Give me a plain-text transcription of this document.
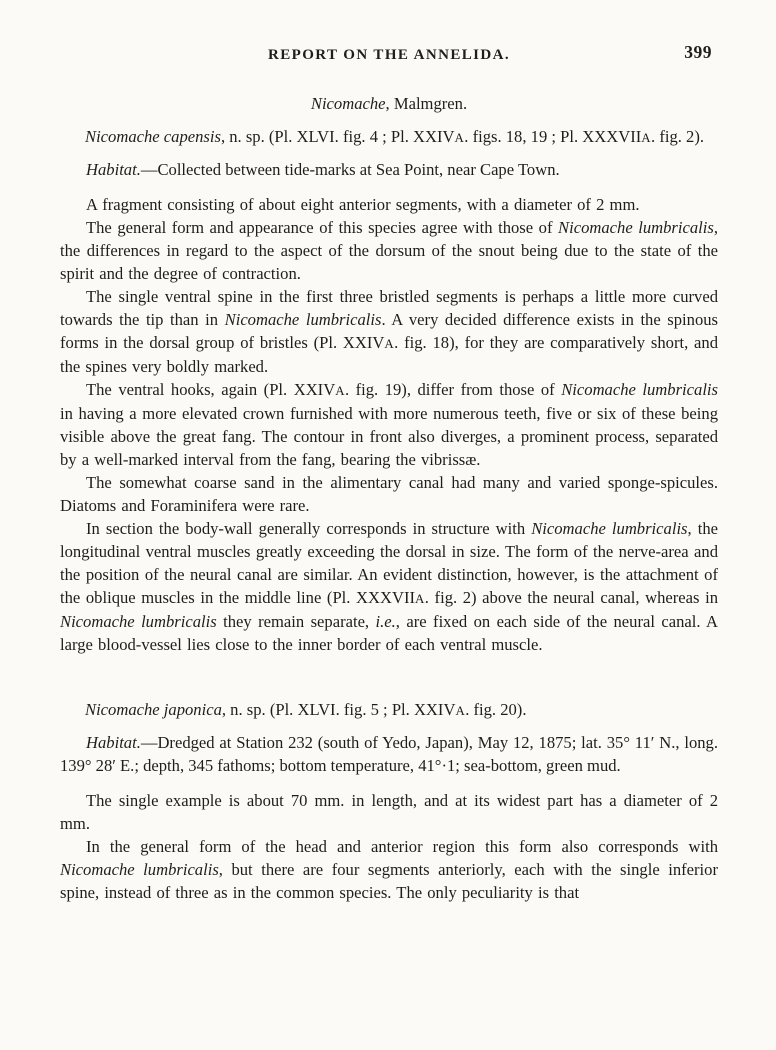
REPORT ON THE ANNELIDA.	399

Nicomache, Malmgren.

Nicomache capensis, n. sp. (Pl. XLVI. fig. 4 ; Pl. XXIVA. figs. 18, 19 ; Pl. XXXVIIA. fig. 2).

Habitat.—Collected between tide-marks at Sea Point, near Cape Town.

A fragment consisting of about eight anterior segments, with a diameter of 2 mm.

The general form and appearance of this species agree with those of Nicomache lumbricalis, the differences in regard to the aspect of the dorsum of the snout being due to the state of the spirit and the degree of contraction.

The single ventral spine in the first three bristled segments is perhaps a little more curved towards the tip than in Nicomache lumbricalis. A very decided difference exists in the spinous forms in the dorsal group of bristles (Pl. XXIVA. fig. 18), for they are comparatively short, and the spines very boldly marked.

The ventral hooks, again (Pl. XXIVA. fig. 19), differ from those of Nicomache lumbricalis in having a more elevated crown furnished with more numerous teeth, five or six of these being visible above the great fang. The contour in front also diverges, a prominent process, separated by a well-marked interval from the fang, bearing the vibrissæ.

The somewhat coarse sand in the alimentary canal had many and varied sponge-spicules. Diatoms and Foraminifera were rare.

In section the body-wall generally corresponds in structure with Nicomache lumbricalis, the longitudinal ventral muscles greatly exceeding the dorsal in size. The form of the nerve-area and the position of the neural canal are similar. An evident distinction, however, is the attachment of the oblique muscles in the middle line (Pl. XXXVIIA. fig. 2) above the neural canal, whereas in Nicomache lumbricalis they remain separate, i.e., are fixed on each side of the neural canal. A large blood-vessel lies close to the inner border of each ventral muscle.

Nicomache japonica, n. sp. (Pl. XLVI. fig. 5 ; Pl. XXIVA. fig. 20).

Habitat.—Dredged at Station 232 (south of Yedo, Japan), May 12, 1875; lat. 35° 11′ N., long. 139° 28′ E.; depth, 345 fathoms; bottom temperature, 41°·1; sea-bottom, green mud.

The single example is about 70 mm. in length, and at its widest part has a diameter of 2 mm.

In the general form of the head and anterior region this form also corresponds with Nicomache lumbricalis, but there are four segments anteriorly, each with the single inferior spine, instead of three as in the common species. The only peculiarity is that
